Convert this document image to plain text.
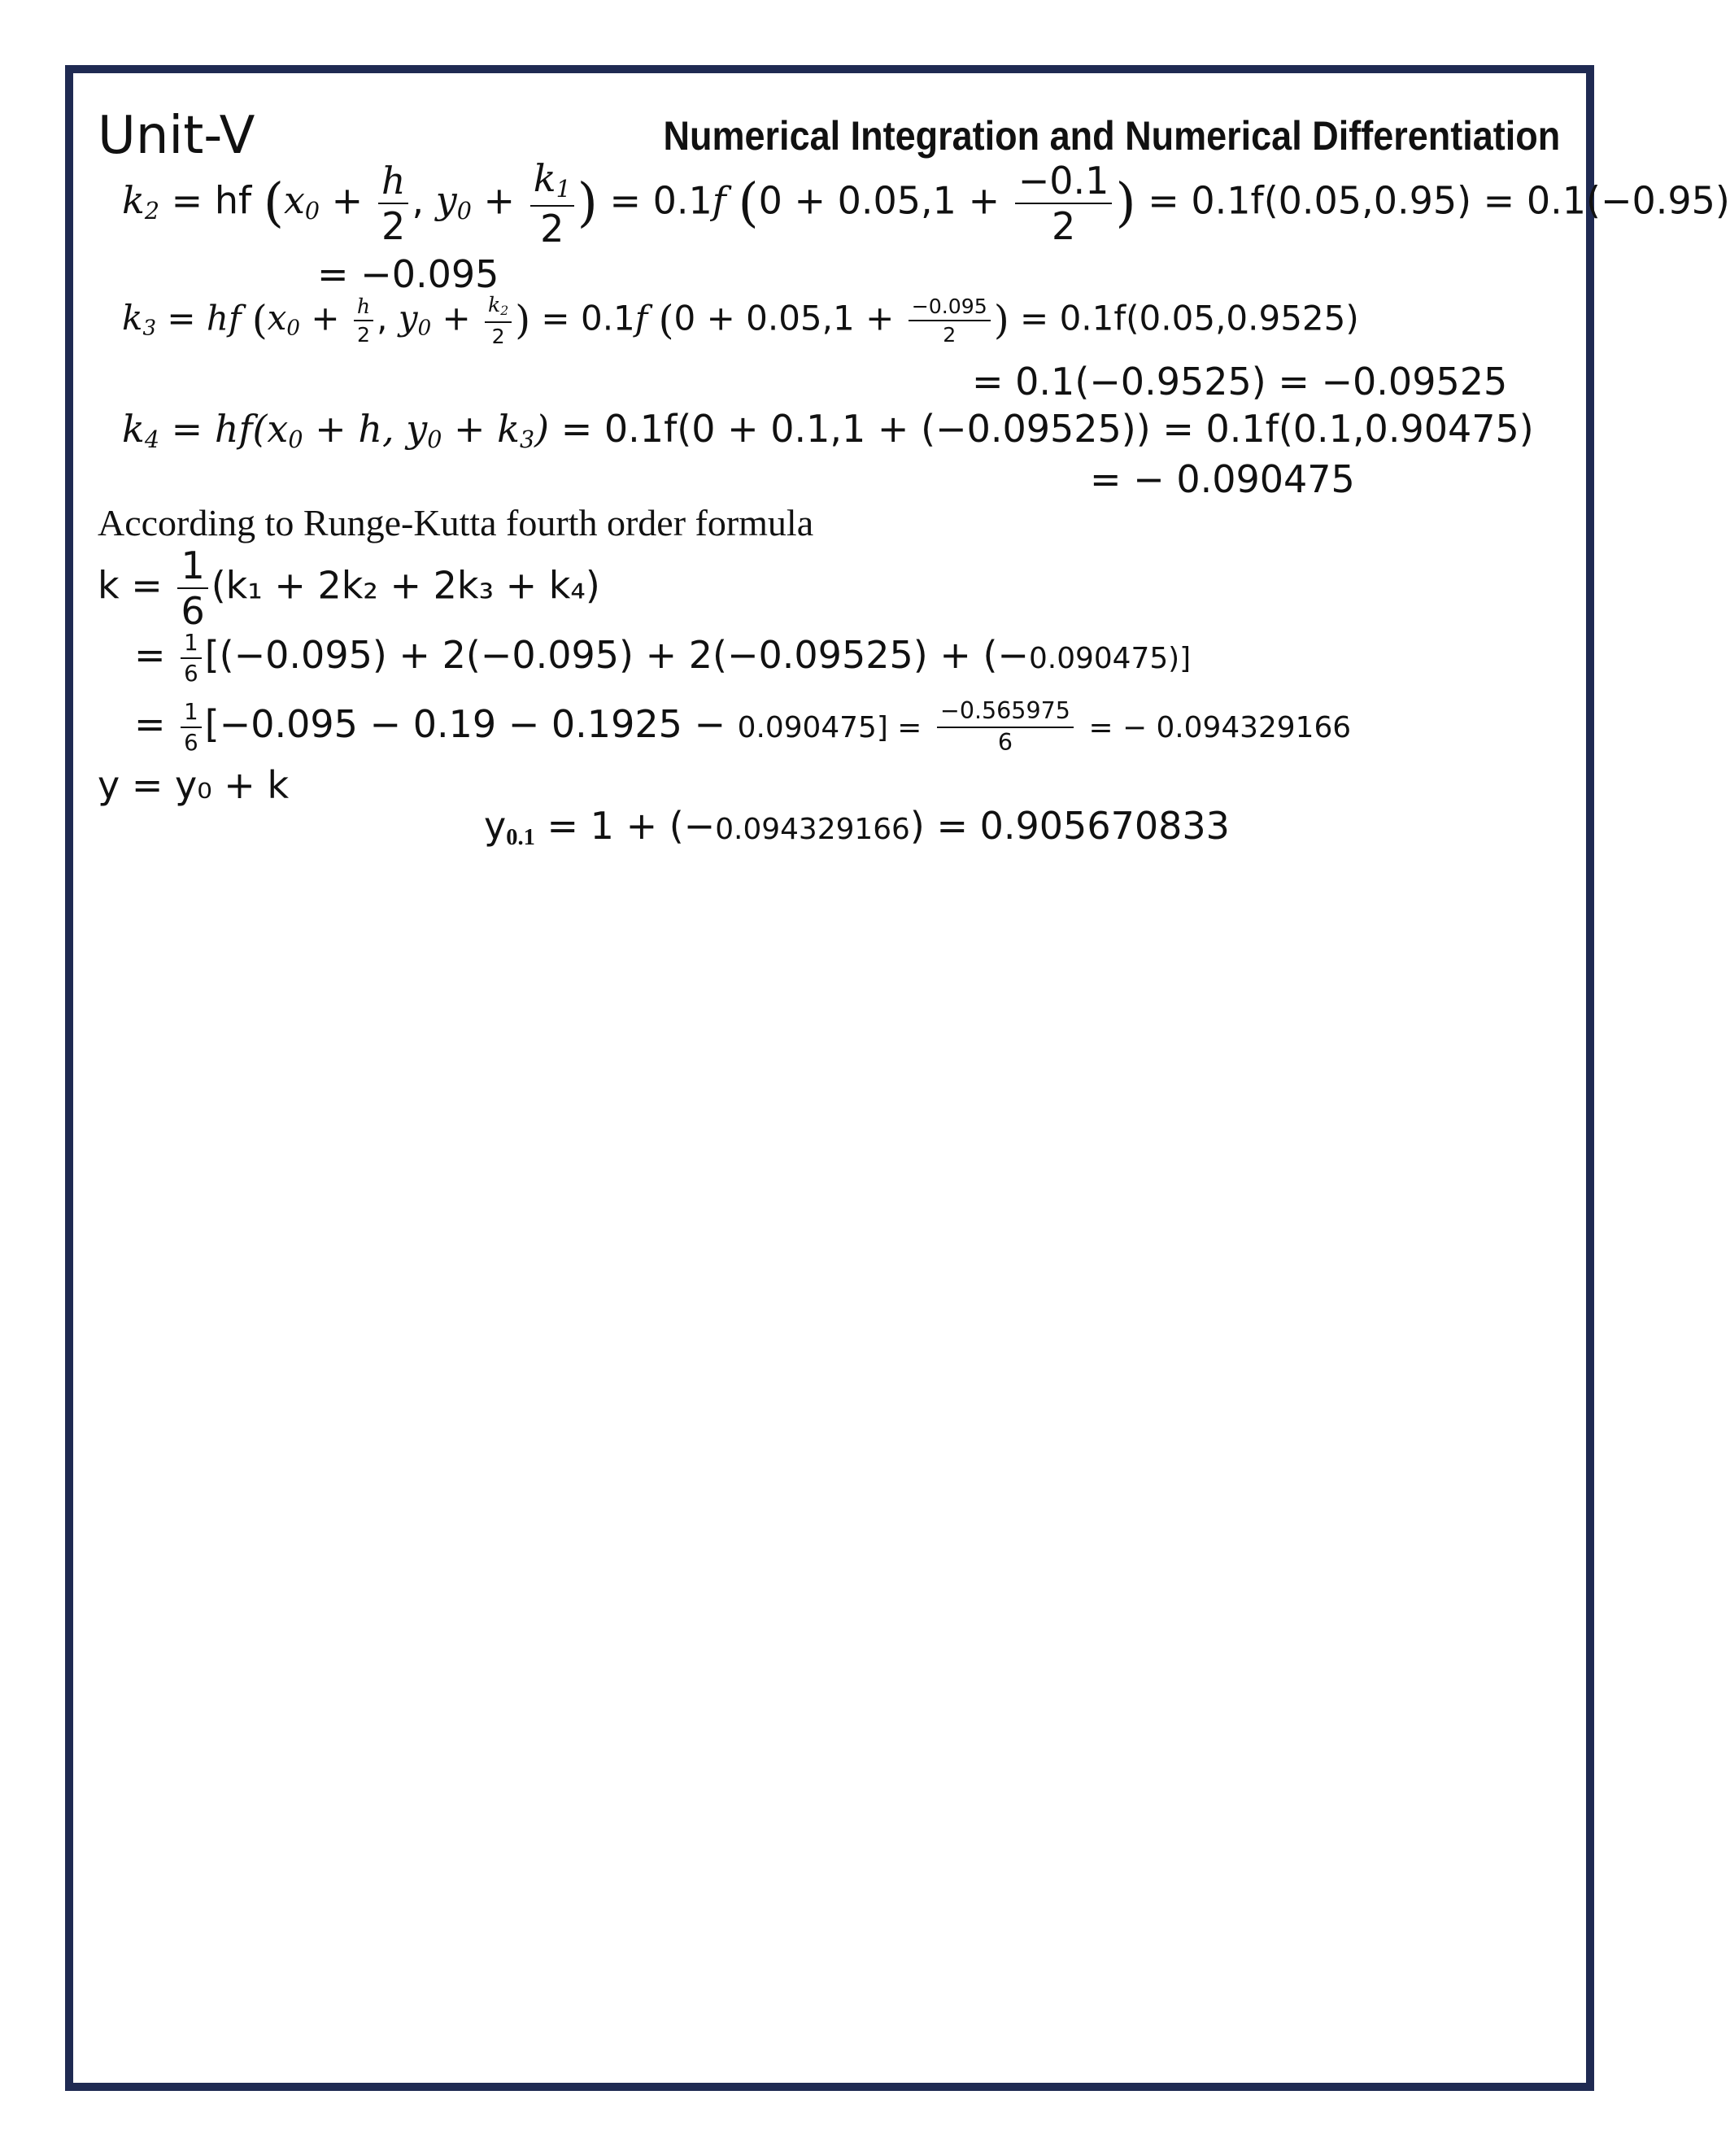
Unit-V	Numerical Integration and Numerical Differentiation
$k_2$ = hf ($x_0 + \frac{h}{2}$ , $y_0 + \frac{k_1}{2}$ ) = 0.1f ($0 + 0.05,1 + \frac{-0.1}{2}$ ) = 0.1f(0.05,0.95) = 0.1(−0.95)
= −0.095
$k_3$ = hf ($x_0 + \frac{h}{2}$ , $y_0 + \frac{k_2}{2}$ ) = 0.1f ($0 + 0.05,1 + \frac{-0.095}{2}$ ) = 0.1f(0.05,0.9525)
= 0.1(−0.9525) = −0.09525
$k_4 = hf(x_0 + h$, $y_0 + k_3) = 0.1f(0 + 0.1,1 + (-0.09525)) = 0.1f(0.1,0.90475)$
= − 0.090475
According to Runge-Kutta fourth order formula
$k = \frac{1}{6} (k_1 + 2k_2 + 2k_3 + k_4)$
= $\frac{1}{6} [(-0.095) + 2(-0.095) + 2(-0.09525) + (-0.090475)]$
= $\frac{1}{6} [-0.095 - 0.19 - 0.1925 - 0.090475] = \frac{-0.565975}{6}$ = − 0.094329166
y = y₀ + k
$y_{0.1} = 1 + (-0.094329166) = 0.905670833$
